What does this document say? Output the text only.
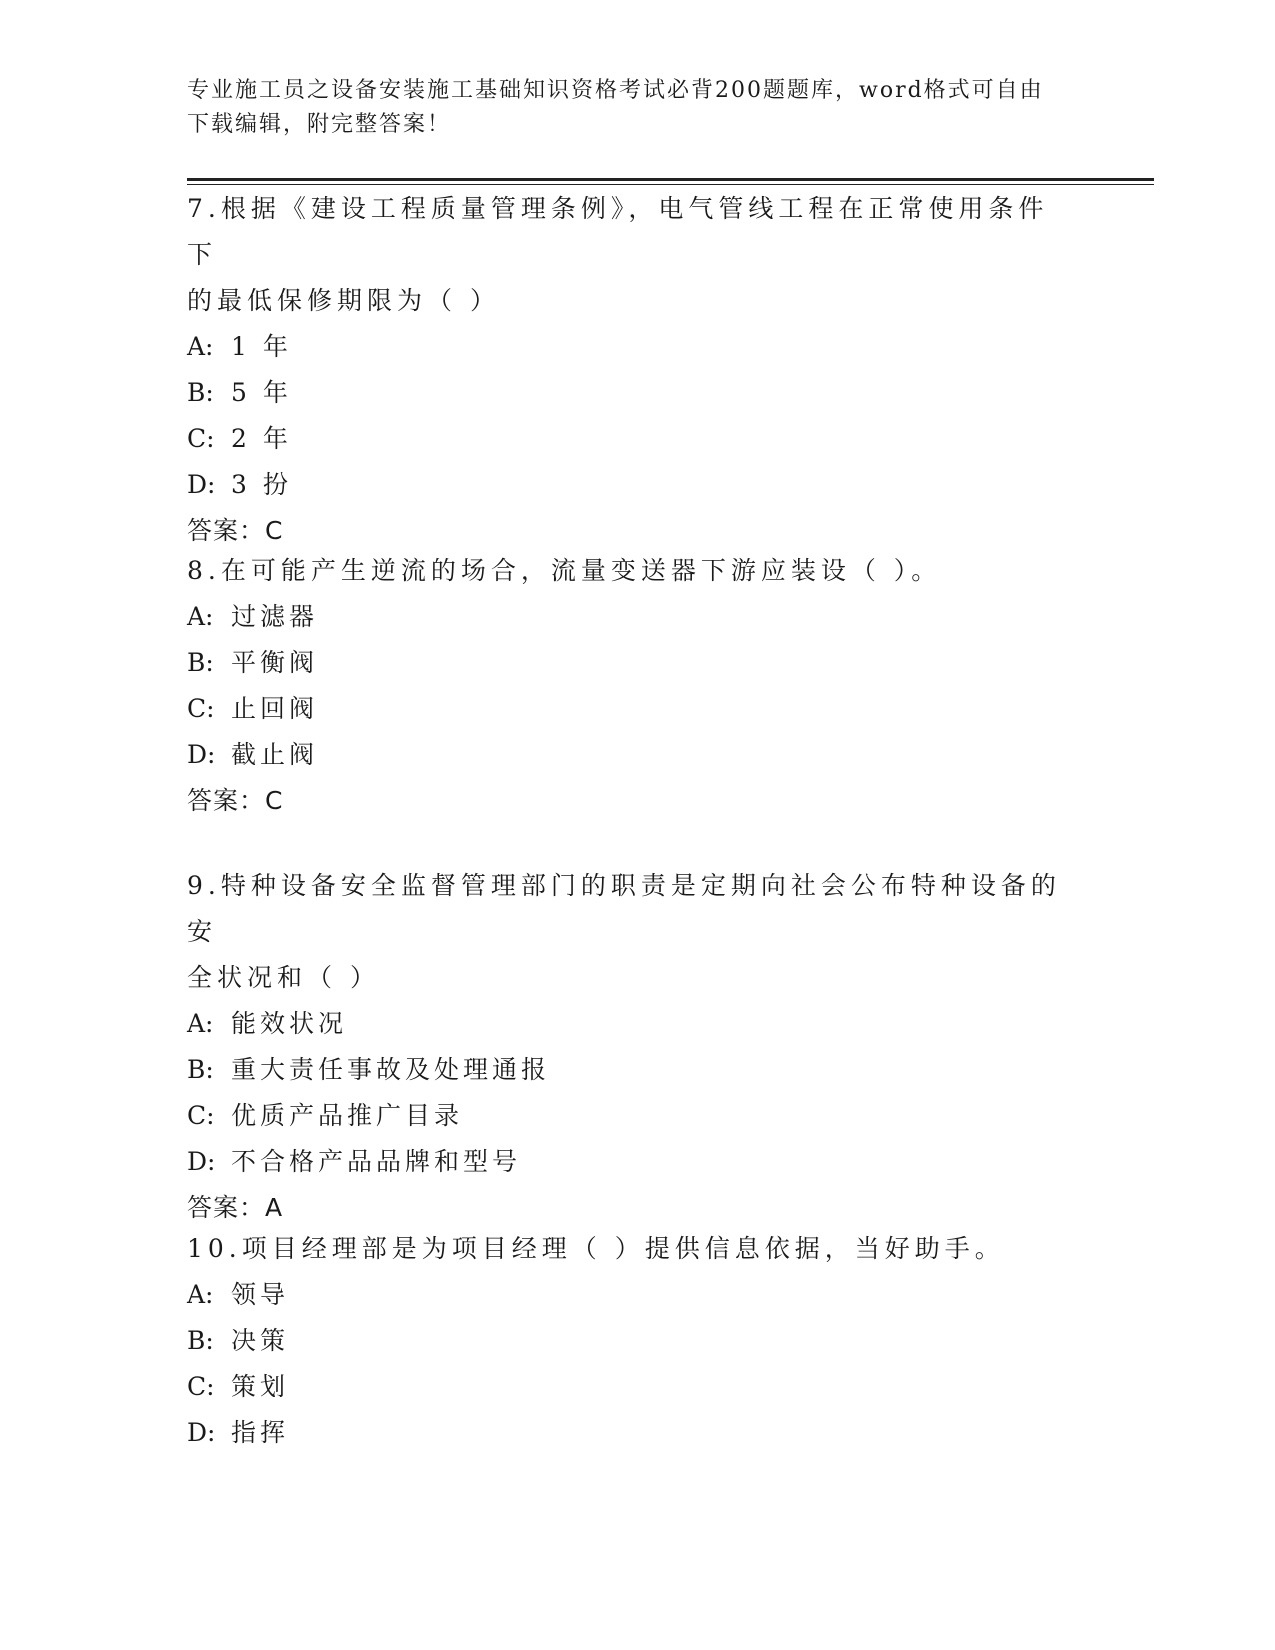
专业施工员之设备安装施工基础知识资格考试必背200题题库，word格式可自由
下载编辑，附完整答案！
7.根据《建设工程质量管理条例》，电气管线工程在正常使用条件下
的最低保修期限为（ ）
A: 1 年
B: 5 年
C: 2 年
D: 3 扮
答案：C
8.在可能产生逆流的场合，流量变送器下游应装设（ ）。
A: 过滤器
B: 平衡阀
C: 止回阀
D: 截止阀
答案：C
9.特种设备安全监督管理部门的职责是定期向社会公布特种设备的安
全状况和（ ）
A: 能效状况
B: 重大责任事故及处理通报
C: 优质产品推广目录
D: 不合格产品品牌和型号
答案：A
10.项目经理部是为项目经理（ ）提供信息依据，当好助手。
A: 领导
B: 决策
C: 策划
D: 指挥
